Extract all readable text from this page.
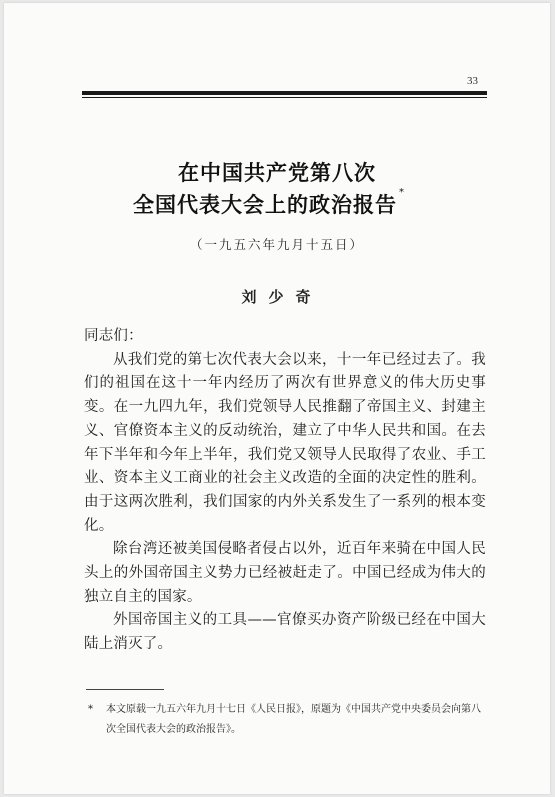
33
在中国共产党第八次
全国代表大会上的政治报告*
（一九五六年九月十五日）
刘少奇

同志们：

从我们党的第七次代表大会以来，十一年已经过去了。我们的祖国在这十一年内经历了两次有世界意义的伟大历史事变。在一九四九年，我们党领导人民推翻了帝国主义、封建主义、官僚资本主义的反动统治，建立了中华人民共和国。在去年下半年和今年上半年，我们党又领导人民取得了农业、手工业、资本主义工商业的社会主义改造的全面的决定性的胜利。由于这两次胜利，我们国家的内外关系发生了一系列的根本变化。

除台湾还被美国侵略者侵占以外，近百年来骑在中国人民头上的外国帝国主义势力已经被赶走了。中国已经成为伟大的独立自主的国家。

外国帝国主义的工具——官僚买办资产阶级已经在中国大陆上消灭了。

* 本文原载一九五六年九月十七日《人民日报》，原题为《中国共产党中央委员会向第八次全国代表大会的政治报告》。
